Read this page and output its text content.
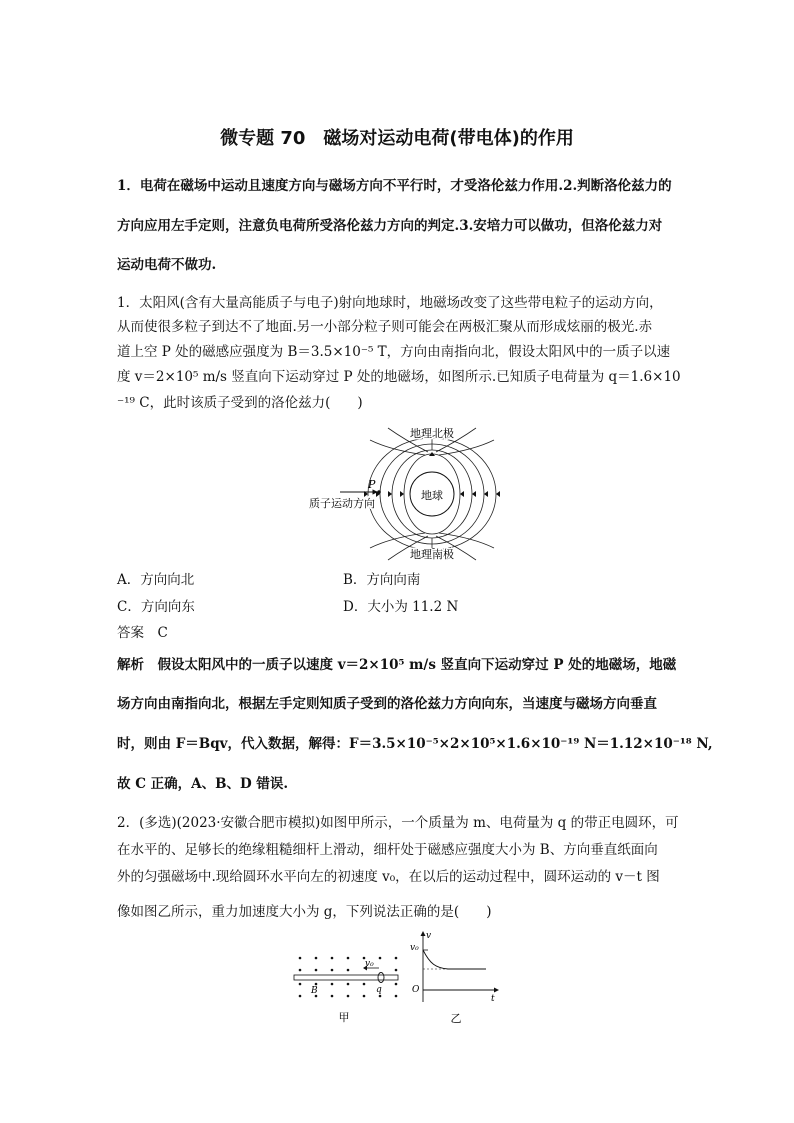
微专题 70　磁场对运动电荷(带电体)的作用
1．电荷在磁场中运动且速度方向与磁场方向不平行时，才受洛伦兹力作用.2.判断洛伦兹力的
方向应用左手定则，注意负电荷所受洛伦兹力方向的判定.3.安培力可以做功，但洛伦兹力对
运动电荷不做功.
1．太阳风(含有大量高能质子与电子)射向地球时，地磁场改变了这些带电粒子的运动方向，
从而使很多粒子到达不了地面.另一小部分粒子则可能会在两极汇聚从而形成炫丽的极光.赤
道上空 P 处的磁感应强度为 B＝3.5×10⁻⁵ T，方向由南指向北，假设太阳风中的一质子以速
度 v＝2×10⁵ m/s 竖直向下运动穿过 P 处的地磁场，如图所示.已知质子电荷量为 q＝1.6×10
⁻¹⁹ C，此时该质子受到的洛伦兹力(　　)
地球
地理北极
地理南极
P
质子运动方向
A．方向向北	B．方向向南
C．方向向东	D．大小为 11.2 N
答案　C
解析　假设太阳风中的一质子以速度 v＝2×10⁵ m/s 竖直向下运动穿过 P 处的地磁场，地磁
场方向由南指向北，根据左手定则知质子受到的洛伦兹力方向向东，当速度与磁场方向垂直
时，则由 F＝Bqv，代入数据，解得：F＝3.5×10⁻⁵×2×10⁵×1.6×10⁻¹⁹ N＝1.12×10⁻¹⁸ N,
故 C 正确，A、B、D 错误.
2．(多选)(2023·安徽合肥市模拟)如图甲所示，一个质量为 m、电荷量为 q 的带正电圆环，可
在水平的、足够长的绝缘粗糙细杆上滑动，细杆处于磁感应强度大小为 B、方向垂直纸面向
外的匀强磁场中.现给圆环水平向左的初速度 v₀，在以后的运动过程中，圆环运动的 v－t 图
像如图乙所示，重力加速度大小为 g，下列说法正确的是(　　)
v₀
q
B
甲
v
v₀
O
t
乙
